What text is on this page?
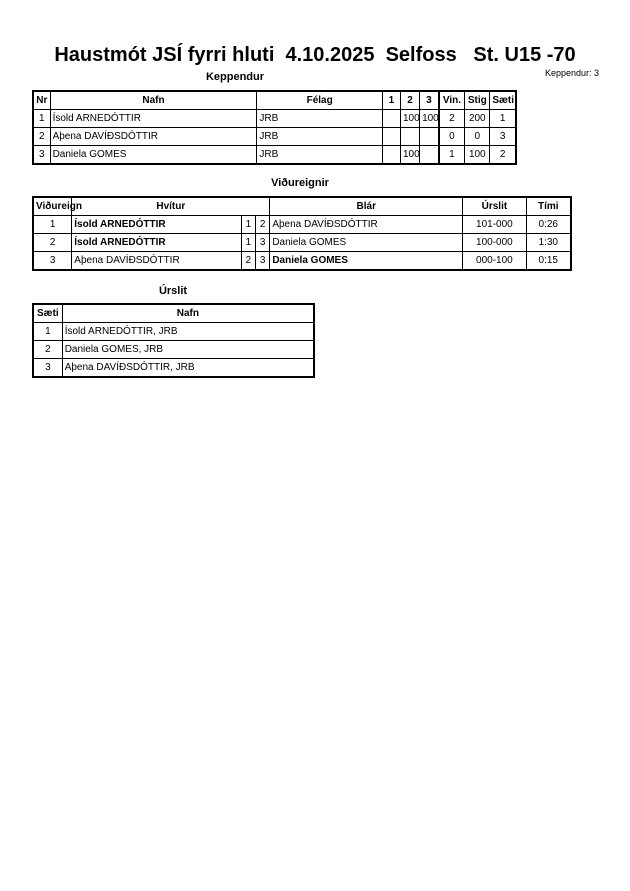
Haustmót JSÍ fyrri hluti  4.10.2025  Selfoss   St. U15 -70
Keppendur: 3
Keppendur
Nr	Nafn	Félag	1	2	3	Vin.	Stig	Sæti
1	Ísold ARNEDÓTTIR	JRB		100	100	2	200	1
2	Aþena DAVÍÐSDÓTTIR	JRB				0	0	3
3	Daniela GOMES	JRB		100		1	100	2
Viðureignir
Viðureign	Hvítur			Blár	Úrslit	Tími
1	Ísold ARNEDÓTTIR	1	2	Aþena DAVÍÐSDÓTTIR	101-000	0:26
2	Ísold ARNEDÓTTIR	1	3	Daniela GOMES	100-000	1:30
3	Aþena DAVÍÐSDÓTTIR	2	3	Daniela GOMES	000-100	0:15
Úrslit
Sæti	Nafn
1	Ísold ARNEDÓTTIR, JRB
2	Daniela GOMES, JRB
3	Aþena DAVÍÐSDÓTTIR, JRB
